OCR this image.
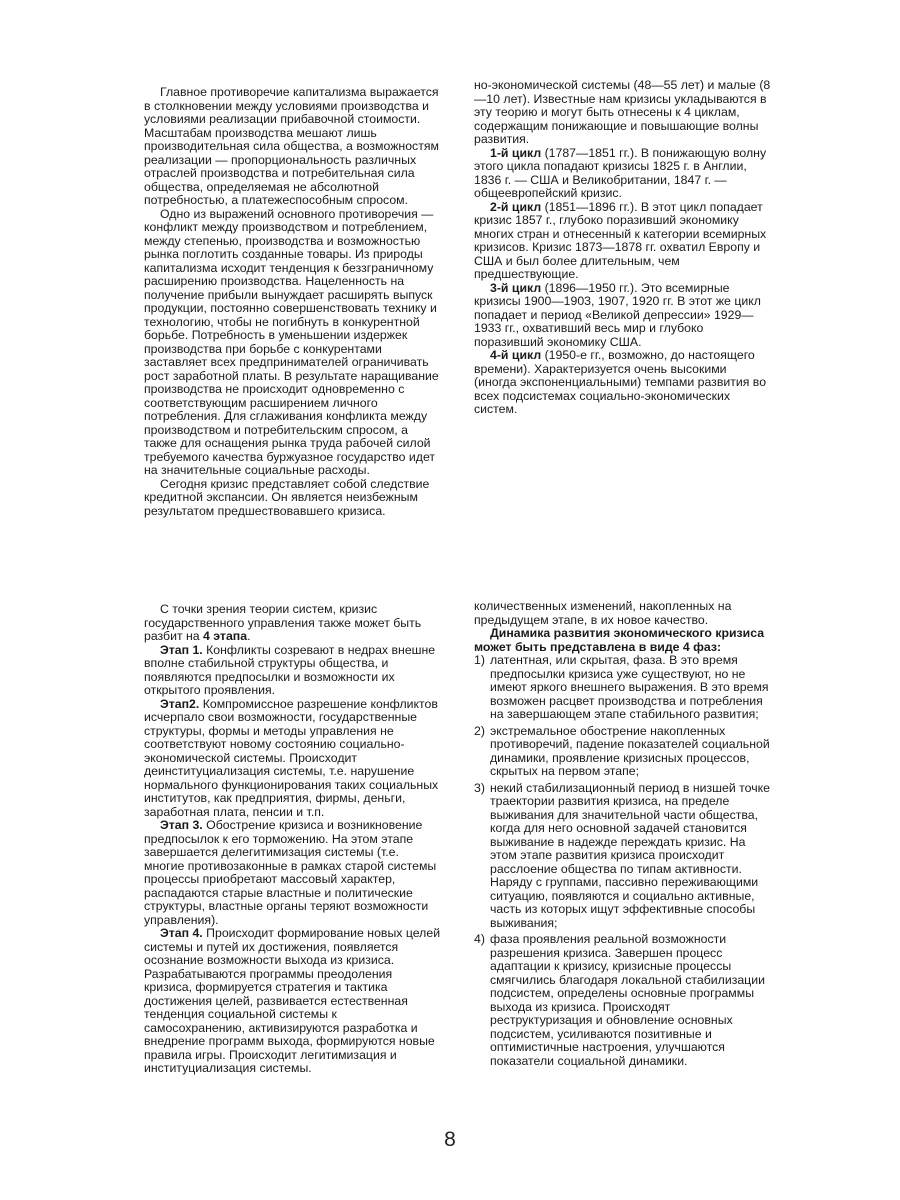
Главное противоречие капитализма выражается в столкновении между условиями производства и условиями реализации прибавочной стоимости. Масштабам производства мешают лишь производительная сила общества, а возможностям реализации — пропорциональность различных отраслей производства и потребительная сила общества, определяемая не абсолютной потребностью, а платежеспособным спросом.

Одно из выражений основного противоречия — конфликт между производством и потреблением, между степенью, производства и возможностью рынка поглотить созданные товары. Из природы капитализма исходит тенденция к беззграничному расширению производства. Нацеленность на получение прибыли вынуждает расширять выпуск продукции, постоянно совершенствовать технику и технологию, чтобы не погибнуть в конкурентной борьбе. Потребность в уменьшении издержек производства при борьбе с конкурентами заставляет всех предпринимателей ограничивать рост заработной платы. В результате наращивание производства не происходит одновременно с соответствующим расширением личного потребления. Для сглаживания конфликта между производством и потребительским спросом, а также для оснащения рынка труда рабочей силой требуемого качества буржуазное государство идет на значительные социальные расходы.

Сегодня кризис представляет собой следствие кредитной экспансии. Он является неизбежным результатом предшествовавшего кризиса.

но-экономической системы (48—55 лет) и малые (8—10 лет). Известные нам кризисы укладываются в эту теорию и могут быть отнесены к 4 циклам, содержащим понижающие и повышающие волны развития.

1-й цикл (1787—1851 гг.). В понижающую волну этого цикла попадают кризисы 1825 г. в Англии, 1836 г. — США и Великобритании, 1847 г. — общеевропейский кризис.

2-й цикл (1851—1896 гг.). В этот цикл попадает кризис 1857 г., глубоко поразивший экономику многих стран и отнесенный к категории всемирных кризисов. Кризис 1873—1878 гг. охватил Европу и США и был более длительным, чем предшествующие.

3-й цикл (1896—1950 гг.). Это всемирные кризисы 1900—1903, 1907, 1920 гг. В этот же цикл попадает и период «Великой депрессии» 1929—1933 гг., охвативший весь мир и глубоко поразивший экономику США.

4-й цикл (1950-е гг., возможно, до настоящего времени). Характеризуется очень высокими (иногда экспоненциальными) темпами развития во всех подсистемах социально-экономических систем.

С точки зрения теории систем, кризис государственного управления также может быть разбит на 4 этапа.

Этап 1. Конфликты созревают в недрах внешне вполне стабильной структуры общества, и появляются предпосылки и возможности их открытого проявления.

Этап2. Компромиссное разрешение конфликтов исчерпало свои возможности, государственные структуры, формы и методы управления не соответствуют новому состоянию социально-экономической системы. Происходит деинституциализация системы, т.е. нарушение нормального функционирования таких социальных институтов, как предприятия, фирмы, деньги, заработная плата, пенсии и т.п.

Этап 3. Обострение кризиса и возникновение предпосылок к его торможению. На этом этапе завершается делегитимизация системы (т.е. многие противозаконные в рамках старой системы процессы приобретают массовый характер, распадаются старые властные и политические структуры, властные органы теряют возможности управления).

Этап 4. Происходит формирование новых целей системы и путей их достижения, появляется осознание возможности выхода из кризиса. Разрабатываются программы преодоления кризиса, формируется стратегия и тактика достижения целей, развивается естественная тенденция социальной системы к самосохранению, активизируются разработка и внедрение программ выхода, формируются новые правила игры. Происходит легитимизация и институциализация системы.

количественных изменений, накопленных на предыдущем этапе, в их новое качество.

Динамика развития экономического кризиса может быть представлена в виде 4 фаз:

1) латентная, или скрытая, фаза. В это время предпосылки кризиса уже существуют, но не имеют яркого внешнего выражения. В это время возможен расцвет производства и потребления на завершающем этапе стабильного развития;
2) экстремальное обострение накопленных противоречий, падение показателей социальной динамики, проявление кризисных процессов, скрытых на первом этапе;
3) некий стабилизационный период в низшей точке траектории развития кризиса, на пределе выживания для значительной части общества, когда для него основной задачей становится выживание в надежде переждать кризис. На этом этапе развития кризиса происходит расслоение общества по типам активности. Наряду с группами, пассивно переживающими ситуацию, появляются и социально активные, часть из которых ищут эффективные способы выживания;
4) фаза проявления реальной возможности разрешения кризиса. Завершен процесс адаптации к кризису, кризисные процессы смягчились благодаря локальной стабилизации подсистем, определены основные программы выхода из кризиса. Происходят реструктуризация и обновление основных подсистем, усиливаются позитивные и оптимистичные настроения, улучшаются показатели социальной динамики.
8
